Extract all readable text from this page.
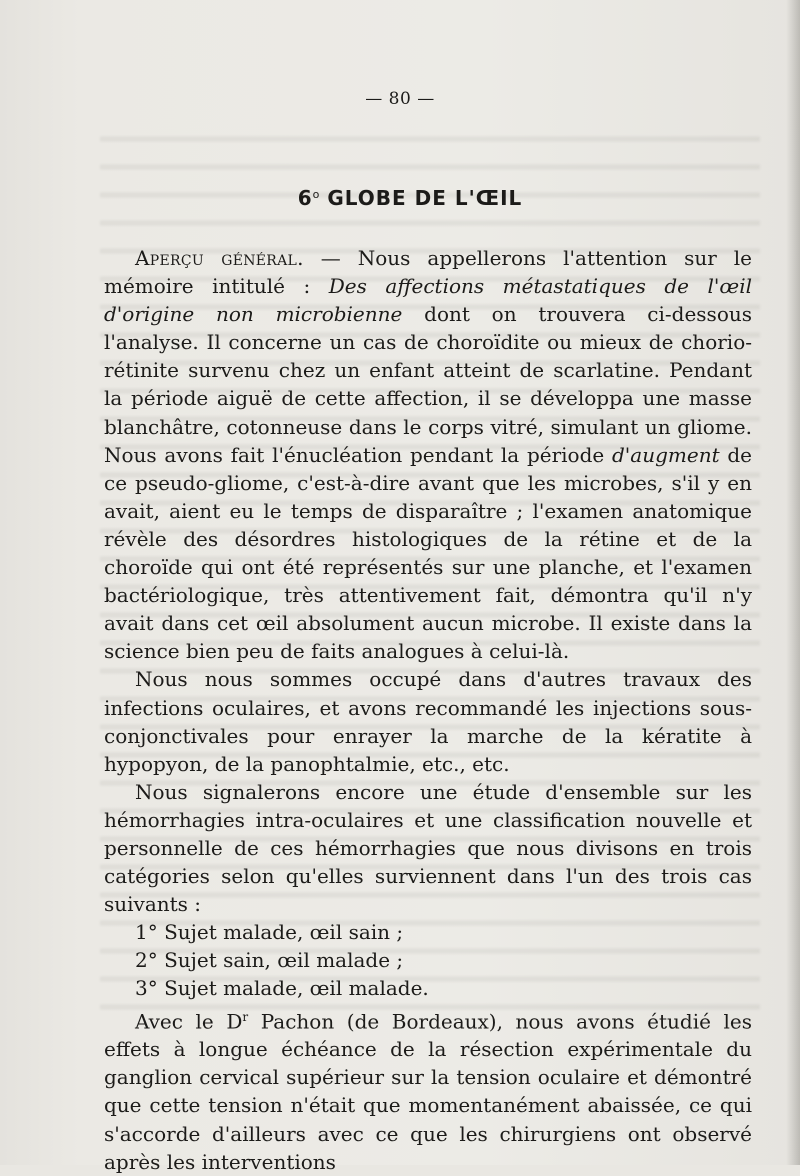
— 80 —
6$^o$ GLOBE DE L'ŒIL

Aperçu général. — Nous appellerons l'attention sur le mémoire intitulé : Des affections métastatiques de l'œil d'origine non microbienne dont on trouvera ci-dessous l'analyse. Il concerne un cas de choroïdite ou mieux de chorio-rétinite survenu chez un enfant atteint de scarlatine. Pendant la période aiguë de cette affection, il se développa une masse blanchâtre, cotonneuse dans le corps vitré, simulant un gliome. Nous avons fait l'énucléation pendant la période d'augment de ce pseudo-gliome, c'est-à-dire avant que les microbes, s'il y en avait, aient eu le temps de disparaître ; l'examen anatomique révèle des désordres histologiques de la rétine et de la choroïde qui ont été représentés sur une planche, et l'examen bactériologique, très attentivement fait, démontra qu'il n'y avait dans cet œil absolument aucun microbe. Il existe dans la science bien peu de faits analogues à celui-là.

Nous nous sommes occupé dans d'autres travaux des infections oculaires, et avons recommandé les injections sous-conjonctivales pour enrayer la marche de la kératite à hypopyon, de la panophtalmie, etc., etc.

Nous signalerons encore une étude d'ensemble sur les hémorrhagies intra-oculaires et une classification nouvelle et personnelle de ces hémorrhagies que nous divisons en trois catégories selon qu'elles surviennent dans l'un des trois cas suivants :

1° Sujet malade, œil sain ;

2° Sujet sain, œil malade ;

3° Sujet malade, œil malade.

Avec le $D^r$ Pachon (de Bordeaux), nous avons étudié les effets à longue échéance de la résection expérimentale du ganglion cervical supérieur sur la tension oculaire et démontré que cette tension n'était que momentanément abaissée, ce qui s'accorde d'ailleurs avec ce que les chirurgiens ont observé après les interventions
